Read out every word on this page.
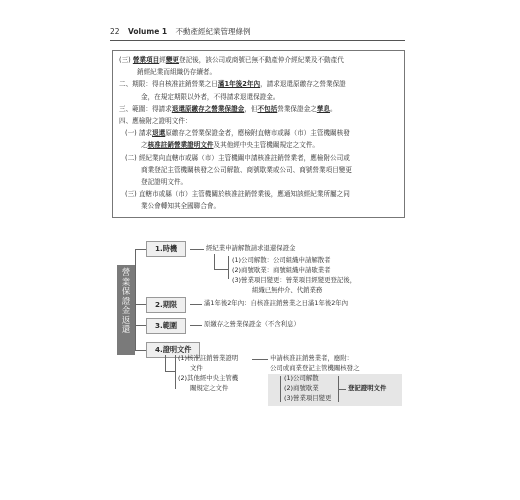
22 Volume 1 不動產經紀業管理條例
(三) 營業項目經變更登記後，該公司或商號已無不動產仲介經紀業及不動產代
銷經紀業而組織仍存續者。
二、期限：得自核准註銷營業之日滿1年後2年內，請求退還原繳存之營業保證
金，在規定期限以外者，不得請求退還保證金。
三、範圍：得請求退還原繳存之營業保證金，但不包括營業保證金之孳息。
四、應檢附之證明文件：
(一) 請求退還原繳存之營業保證金者，應檢附直轄市或縣（市）主管機關核發
之核准註銷營業證明文件及其他經中央主管機關規定之文件。
(二) 經紀業向直轄市或縣（市）主管機關申請核准註銷營業者，應檢附公司或
商業登記主管機關核發之公司解散、商號歇業或公司、商號營業項目變更
登記證明文件。
(三) 直轄市或縣（市）主管機關於核准註銷營業後，應通知該經紀業所屬之同
業公會轉知其全國聯合會。
營
業
保
證
金
返
還
1.時機
2.期限
3.範圍
4.證明文件
經紀業申請解散請求退還保證金
(1)公司解散：公司組織申請解散者
(2)商號歇業：商號組織申請歇業者
(3)營業項目變更：營業項目經變更登記後，
組織已無仲介、代銷業務
滿1年後2年內：自核准註銷營業之日滿1年後2年內
原繳存之營業保證金（不含利息）
(1)核准註銷營業證明
文件
(2)其他經中央主管機
關規定之文件
申請核准註銷營業者，應附：
公司或商業登記主管機關核發之
(1)公司解散
(2)商號歇業
(3)營業項目變更
登記證明文件
